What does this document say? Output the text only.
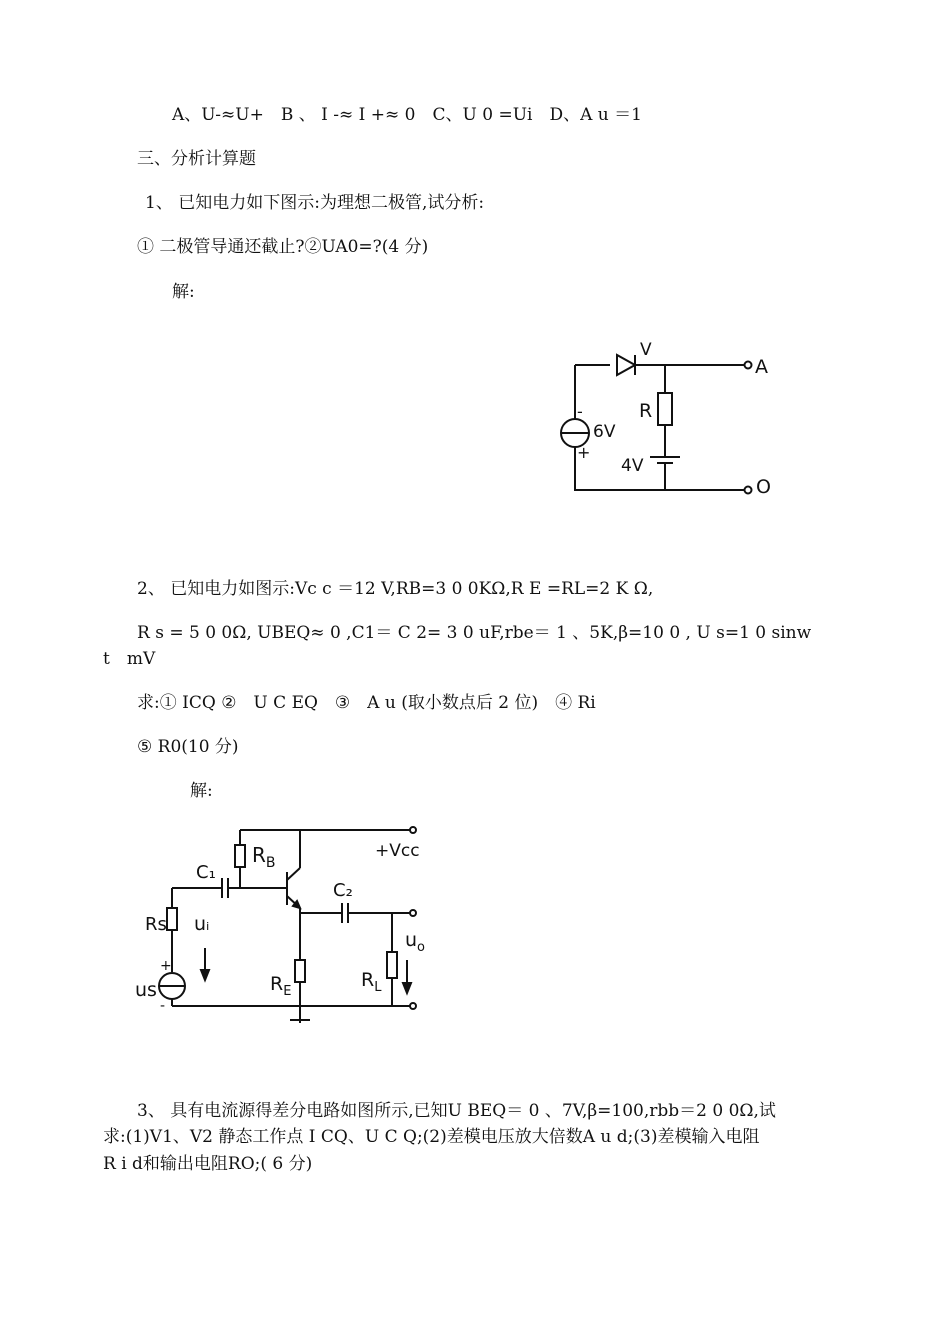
A、U-≈U+　B 、 I -≈ I +≈ 0　C、U 0 =Ui　D、A u ＝1
三、分析计算题
1、 已知电力如下图示:为理想二极管,试分析:
① 二极管导通还截止?②UA0=?(4 分)
解:
V
A
R
6V
-
+
4V
O
2、 已知电力如图示:Vc c ＝12 V,RB=3 0 0KΩ,R E =RL=2 K Ω,
R s = 5 0 0Ω, UBEQ≈ 0 ,C1＝ C 2= 3 0 uF,rbe＝ 1 、5K,β=10 0 , U s=1 0 sinw
t　mV
求:① ICQ ②　U C EQ　③　A u (取小数点后 2 位)　④ Ri
⑤ R0(10 分)
解:
C₁
$R_B$
+Vcc
C₂
Rs uᵢ
$u_o$
$R_E$
$R_L$
us
+
-
3、 具有电流源得差分电路如图所示,已知U BEQ＝ 0 、7V,β=100,rbb＝2 0 0Ω,试
求:(1)V1、V2 静态工作点 I CQ、U C Q;(2)差模电压放大倍数A u d;(3)差模输入电阻
R i d和输出电阻RO;( 6 分)
